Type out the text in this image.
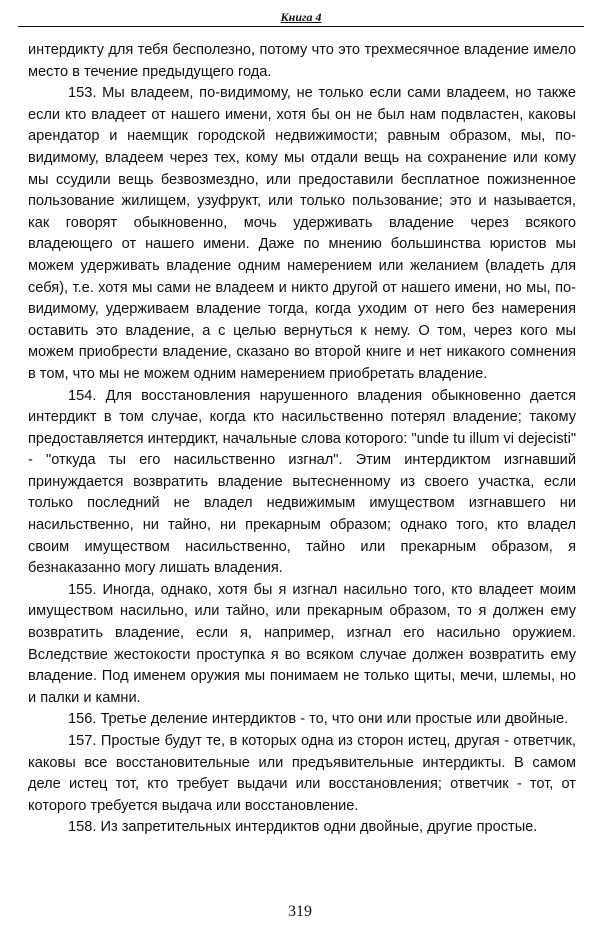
Книга 4

интердикту для тебя бесполезно, потому что это трехмесячное владение имело место в течение предыдущего года.

153. Мы владеем, по-видимому, не только если сами владеем, но также если кто владеет от нашего имени, хотя бы он не был нам подвластен, каковы арендатор и наемщик городской недвижимости; равным образом, мы, по-видимому, владеем через тех, кому мы отдали вещь на сохранение или кому мы ссудили вещь безвозмездно, или предоставили бесплатное пожизненное пользование жилищем, узуфрукт, или только пользование; это и называется, как говорят обыкновенно, мочь удерживать владение через всякого владеющего от нашего имени. Даже по мнению большинства юристов мы можем удерживать владение одним намерением или желанием (владеть для себя), т.е. хотя мы сами не владеем и никто другой от нашего имени, но мы, по-видимому, удерживаем владение тогда, когда уходим от него без намерения оставить это владение, а с целью вернуться к нему. О том, через кого мы можем приобрести владение, сказано во второй книге и нет никакого сомнения в том, что мы не можем одним намерением приобретать владение.

154. Для восстановления нарушенного владения обыкновенно дается интердикт в том случае, когда кто насильственно потерял владение; такому предоставляется интердикт, начальные слова которого: "unde tu illum vi dejecisti" - "откуда ты его насильственно изгнал". Этим интердиктом изгнавший принуждается возвратить владение вытесненному из своего участка, если только последний не владел недвижимым имуществом изгнавшего ни насильственно, ни тайно, ни прекарным образом; однако того, кто владел своим имуществом насильственно, тайно или прекарным образом, я безнаказанно могу лишать владения.

155. Иногда, однако, хотя бы я изгнал насильно того, кто владеет моим имуществом насильно, или тайно, или прекарным образом, то я должен ему возвратить владение, если я, например, изгнал его насильно оружием. Вследствие жестокости проступка я во всяком случае должен возвратить ему владение. Под именем оружия мы понимаем не только щиты, мечи, шлемы, но и палки и камни.

156. Третье деление интердиктов - то, что они или простые или двойные.

157. Простые будут те, в которых одна из сторон истец, другая - ответчик, каковы все восстановительные или предъявительные интердикты. В самом деле истец тот, кто требует выдачи или восстановления; ответчик - тот, от которого требуется выдача или восстановление.

158. Из запретительных интердиктов одни двойные, другие простые.

319
